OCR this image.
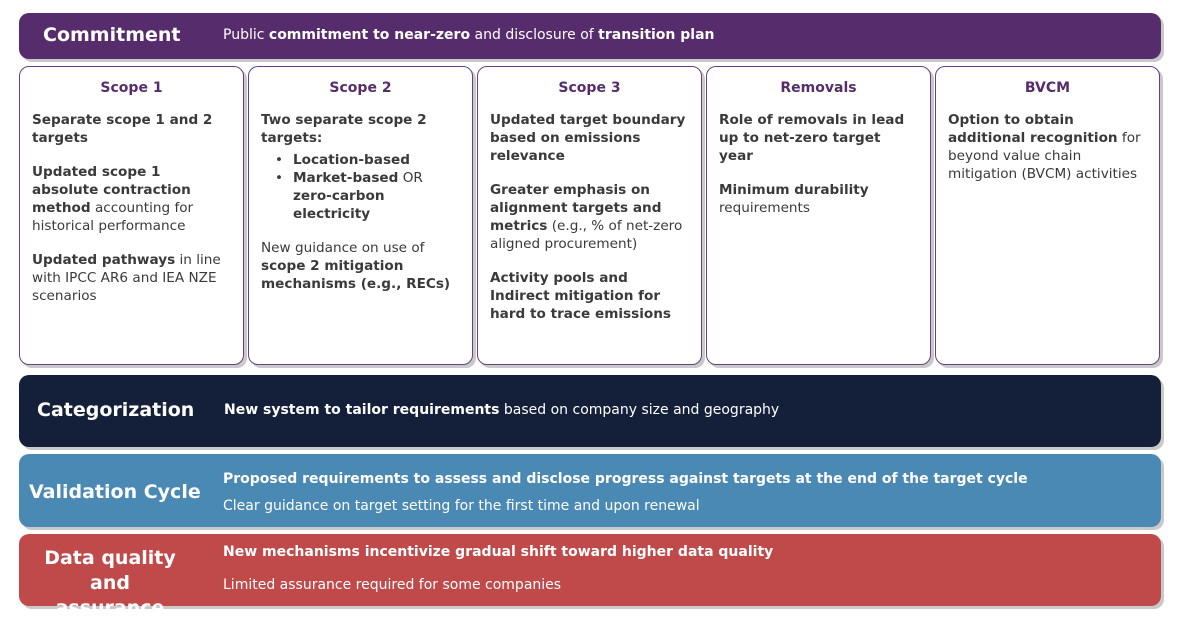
Commitment	Public commitment to near-zero and disclosure of transition plan
Scope 1

Separate scope 1 and 2 targets

Updated scope 1 absolute contraction method accounting for historical performance

Updated pathways in line with IPCC AR6 and IEA NZE scenarios

Scope 2

Two separate scope 2 targets:

• Location-based
• Market-based OR zero-carbon electricity

New guidance on use of scope 2 mitigation mechanisms (e.g., RECs)

Scope 3

Updated target boundary based on emissions relevance

Greater emphasis on alignment targets and metrics (e.g., % of net-zero aligned procurement)

Activity pools and Indirect mitigation for hard to trace emissions

Removals

Role of removals in lead up to net-zero target year

Minimum durability requirements

BVCM

Option to obtain additional recognition for beyond value chain mitigation (BVCM) activities

Categorization New system to tailor requirements based on company size and geography
Validation Cycle
Proposed requirements to assess and disclose progress against targets at the end of the target cycle
Clear guidance on target setting for the first time and upon renewal
Data quality
and assurance
New mechanisms incentivize gradual shift toward higher data quality
Limited assurance required for some companies
